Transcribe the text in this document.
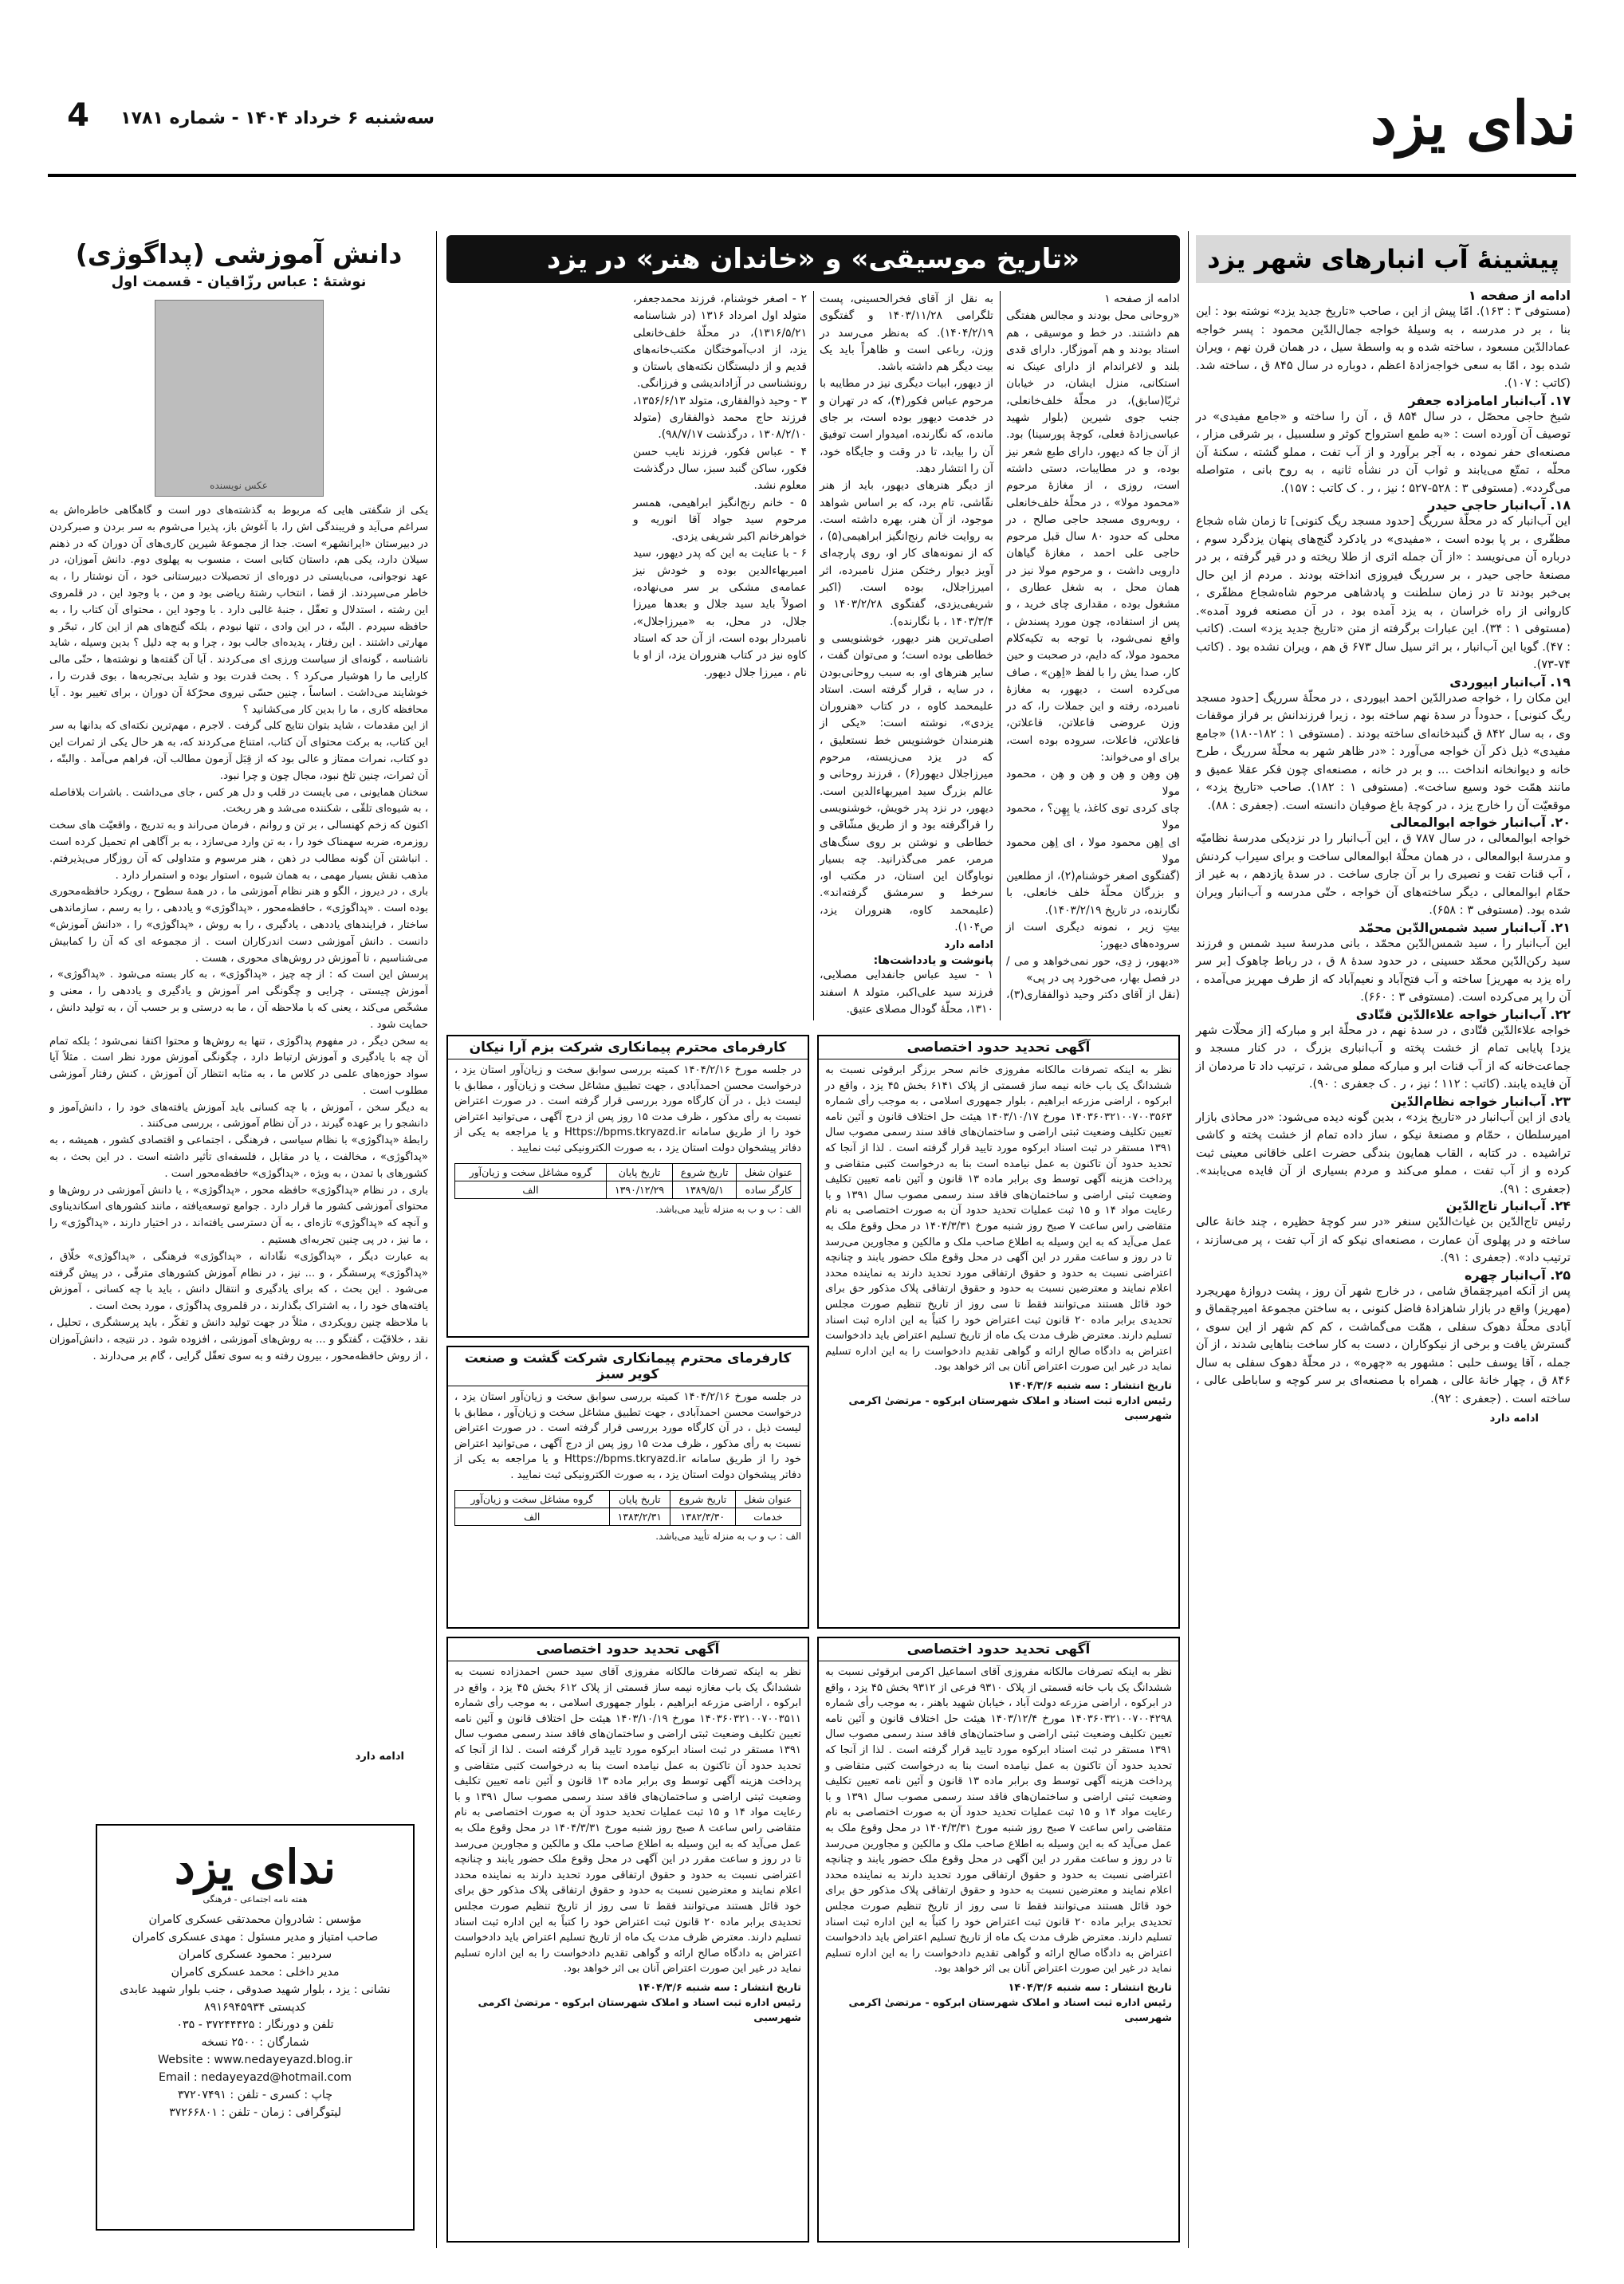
ندای یزد
4	سه‌شنبه ۶ خرداد ۱۴۰۴ - شماره ۱۷۸۱
پیشینهٔ آب انبارهای شهر یزد
ادامه از صفحه ۱

(مستوفی ۳ : ۱۶۳). امّا پیش از این ، صاحب «تاریخ جدید یزد» نوشته بود : این بنا ، بر در مدرسه ، به وسیلهٔ خواجه جمال‌الدّین محمود : پسر خواجه عمادالدّین مسعود ، ساخته شده و به واسطهٔ سیل ، در همان قرن نهم ، ویران شده بود ، امّا به سعی خواجه‌زادهٔ اعظم ، دوباره در سال ۸۴۵ ق ، ساخته شد. (کاتب : ۱۰۷).

۱۷. آب‌انبار امامزاده جعفر

شیخ حاجی محصّل ، در سال ۸۵۴ ق ، آن را ساخته و «جامع مفیدی» در توصیف آن آورده است : «به طمع استرواح کوثر و سلسبیل ، بر شرقی مزار ، مصنعه‌ای حفر نموده ، به آجر برآورد و از آب تفت ، مملو گشته ، سکنهٔ آن محلّه ، تمتّع می‌یابند و ثواب آن در نشأه ثانیه ، به روح بانی ، متواصله می‌گردد». (مستوفی ۳ : ۵۲۸-۵۲۷ ؛ نیز ، ر . ک کاتب : ۱۵۷).

۱۸. آب‌انبار حاجی حیدر

این آب‌انبار که در محلّهٔ سرریگ [حدود مسجد ریگ کنونی] تا زمان شاه شجاع مظفّری ، بر پا بوده است ، «مفیدی» در یادکرد گنج‌های پنهان یزدگرد سوم ، درباره آن می‌نویسد : «از آن جمله اثری از طلا ریخته و در قیر گرفته ، بر در مصنعهٔ حاجی حیدر ، بر سرریگ فیروزی انداخته بودند . مردم از این حال بی‌خبر بودند تا در زمان سلطنت و پادشاهی مرحوم شاه‌شجاع مظفّری ، کاروانی از راه خراسان ، به یزد آمده بود ، در آن مصنعه فرود آمده». (مستوفی ۱ : ۳۴). این عبارات برگرفته از متن «تاریخ جدید یزد» است. (کاتب : ۴۷). گویا این آب‌انبار ، بر اثر سیل سال ۶۷۳ ق هم ، ویران نشده بود . (کاتب ۷۴-۷۳).

۱۹. آب‌انبار ابیوردی

این مکان را ، خواجه صدرالدّین احمد ابیوردی ، در محلّهٔ سرریگ [حدود مسجد ریگ کنونی] ، حدوداً در سدهٔ نهم ساخته بود ، زیرا فرزندانش بر فراز موقفات وی ، به سال ۸۴۲ ق گنبدخانه‌ای ساخته بودند . (مستوفی ۱ : ۱۸۲-۱۸۰) «جامع مفیدی» ذیل ذکر آن خواجه می‌آورد : «در ظاهر شهر به محلّهٔ سرریگ ، طرح خانه و دیوانخانه انداخت ... و بر در خانه ، مصنعه‌ای چون فکر عقلا عمیق و مانند همّت خود وسیع ساخت». (مستوفی ۱ : ۱۸۲). صاحب «تاریخ یزد» ، موقعیّت آن را خارج یزد ، در کوچهٔ باغ صوفیان دانسته است. (جعفری : ۸۸).

۲۰. آب‌انبار خواجه ابوالمعالی

خواجه ابوالمعالی ، در سال ۷۸۷ ق ، این آب‌انبار را در نزدیکی مدرسهٔ نظامیّه و مدرسهٔ ابوالمعالی ، در همان محلّهٔ ابوالمعالی ساخت و برای سیراب کردنش ، آب قنات تفت و نصیری را بر آن جاری ساخت . در سدهٔ یازدهم ، به غیر از حمّام ابوالمعالی ، دیگر ساخته‌های آن خواجه ، حتّی مدرسه و آب‌انبار ویران شده بود. (مستوفی ۳ : ۶۵۸).

۲۱. آب‌انبار سید شمس‌الدّین محمّد

این آب‌انبار را ، سید شمس‌الدّین محمّد ، بانی مدرسهٔ سید شمس و فرزند سید رکن‌الدّین محمّد حسینی ، در حدود سدهٔ ۸ ق ، در رباط چاهوک [بر سر راه یزد به مهریز] ساخته و آب فتح‌آباد و نعیم‌آباد که از طرف مهریز می‌آمده ، آن را پر می‌کرده است. (مستوفی ۳ : ۶۶۰).

۲۲. آب‌انبار خواجه علاءالدّین قتّادی

خواجه علاءالدّین قتّادی ، در سدهٔ نهم ، در محلّهٔ ابر و مبارکه [از محلّات شهر یزد] پایابی تمام از خشت پخته و آب‌انباری بزرگ ، در کنار مسجد و جماعت‌خانه که از آب قنات ابر و مبارکه مملو می‌شد ، ترتیب داد تا مردمان از آن فایده یابند. (کاتب : ۱۱۲ ؛ نیز ، ر . ک جعفری : ۹۰).

۲۳. آب‌انبار خواجه نظام‌الدّین

یادی از این آب‌انبار در «تاریخ یزد» ، بدین گونه دیده می‌شود: «در محاذی بازار امیرسلطان ، حمّام و مصنعهٔ نیکو ، ساز داده تمام از خشت پخته و کاشی تراشیده . در کتابه ، القاب همایون بندگی حضرت اعلی خاقانی معینی ثبت کرده و از آب تفت ، مملو می‌کند و مردم بسیاری از آن فایده می‌یابند». (جعفری : ۹۱).

۲۴. آب‌انبار تاج‌الدّین

رئیس تاج‌الدّین بن غیاث‌الدّین سنغر «در سر کوچهٔ حظیره ، چند خانهٔ عالی ساخته و در پهلوی آن عمارت ، مصنعه‌ای نیکو که از آب تفت ، پر می‌سازند ، ترتیب داد». (جعفری : ۹۱).

۲۵. آب‌انبار چهره

پس از آنکه امیرچقماق شامی ، در خارج شهر آن روز ، پشت دروازهٔ مهریجرد (مهریز) واقع در بازار شاهزادهٔ فاضل کنونی ، به ساختن مجموعهٔ امیرچقماق و آبادی محلّهٔ دهوک سفلی ، همّت می‌گماشت ، کم کم شهر از این سوی ، گسترش یافت و برخی از نیکوکاران ، دست به کار ساخت بناهایی شدند ، از آن جمله ، آقا یوسف حلبی : مشهور به «چهره» ، در محلّهٔ دهوک سفلی به سال ۸۴۶ ق ، چهار خانهٔ عالی ، همراه با مصنعه‌ای بر سر کوچه و ساباطی عالی ، ساخته است . (جعفری : ۹۲).

ادامه دارد
«تاریخ موسیقی» و «خاندان هنر» در یزد

ادامه از صفحه ۱
«روحانی محل بودند و مجالس هفتگی هم داشتند. در خط و موسیقی ، هم استاد بودند و هم آموزگار. دارای قدی بلند و لاغراندام از دارای عینک نه استکانی، منزل ایشان، در خیابان ثریّا(سابق)، در محلّهٔ خلف‌خانعلی، جنب جوی شیرین (بلوار شهید عباسی‌زادهٔ فعلی، کوچهٔ پورسینا) بود. از آن جا که دیهور، دارای طبع شعر نیز بوده، و در مطایبات، دستی داشته است، روزی ، از مغازهٔ مرحوم «محمود مولا» ، در محلّهٔ خلف‌خانعلی ، روبه‌روی مسجد حاجی صالح ، در محلی که حدود ۸۰ سال قبل مرحوم حاجی علی احمد ، مغازهٔ گیاهان دارویی داشت ، و مرحوم مولا نیز در همان محل ، به شغل عطاری ، مشغول بوده ، مقداری چای خرید ، و پس از استفاده، چون مورد پسندش ، واقع نمی‌شود، با توجه به تکیه‌کلام محمود مولا، که دایم، در صحبت و حین کار، صدا یش را با لفظ «اِهِن» ، صاف می‌کرده است ، دیهور، به مغازهٔ نامبرده، رفته و این جملات را، که در وزن عروضی فاعلاتن، فاعلاتن، فاعلاتن، فاعلات، سروده بوده است، برای او می‌خواند:
هِن وهِن و هِن و هِن و هِن ، محمود مولا
چای کردی توی کاغذ، یا پِهِن؟ ، محمود مولا
ای اِهِن محمود مولا ، ای اِهِن محمود مولا
(گفتگوی اصغر خوشنام(۲)، از مطلعین و بزرگان محلّهٔ خلف خانعلی، با نگارنده، در تاریخ ۱۴۰۳/۲/۱۹).
بیتِ زیر ، نمونه دیگری است از سروده‌های دیهور:
«دیهور، ز دِی، حور نمی‌خواهد و می / در فصل بهار، می‌خورد پی در پی»
(نقل از آقای دکتر وحید ذوالفقاری(۳)، به نقل از آقای فخرالحسینی، پست تلگرامی ۱۴۰۳/۱۱/۲۸ و گفتگوی ۱۴۰۴/۲/۱۹). که به‌نظر می‌رسد در وزن، رباعی است و ظاهراً باید یک بیت دیگر هم داشته باشد.
از دیهور، ابیات دیگری نیز در مطایبه با مرحوم عباس فکور(۴)، که در تهران و در خدمت دیهور بوده است، بر جای مانده، که نگارنده، امیدوار است توفیق آن را بیابد، تا در وقت و جایگاه خود، آن را انتشار دهد.
از دیگر هنرهای دیهور، باید از هنر نقّاشی، تام برد، که بر اساس شواهد موجود، از آن هنر، بهره داشته است. به روایت خانم رنج‌انگیز ابراهیمی(۵) ، که از نمونه‌های کار او، روی پارچه‌ای آویز دیوار رختکن منزل نامبرده، اثر امیرزاجلال، بوده است. (اکبر شریفی‌یزدی، گفتگوی ۱۴۰۳/۲/۲۸ و ۱۴۰۳/۳/۴ ، با نگارنده).
اصلی‌ترین هنر دیهور، خوشنویسی و خطاطی بوده است؛ و می‌توان گفت ، سایر هنرهای او، به سبب روحانی‌بودن ، در سایه ، قرار گرفته است. استاد علیمحمد کاوه ، در کتاب «هنروران یزدی»، نوشته است: «یکی از هنرمندان خوشنویس خط نستعلیق ، که در یزد می‌زیسته، مرحوم میرزاجلال دیهور(۶) ، فرزند روحانی و عالم بزرگ سید امیربهاءالدین است. دیهور، در نزد پدر خویش، خوشنویسی را فراگرفته بود و از طریق مشّاقی و خطاطی و نوشتن بر روی سنگ‌های مرمر، عمر می‌گذرانید. چه بسیار نوباوگان این استان، در مکتب او، سرخط و سرمشق گرفته‌اند». (علیمحمد کاوه، هنروران یزد، ص۱۰۴).

ادامه دارد
پانوشت و یادداشت‌ها:

۱ - سید عباس جانفدایی مصلایی، فرزند سید علی‌اکبر، متولد ۸ اسفند ۱۳۱۰، محلّهٔ گودال مصلای عتیق.
۲ - اصغر خوشنام، فرزند محمدجعفر، متولد اول امرداد ۱۳۱۶ (در شناسنامه ۱۳۱۶/۵/۲۱)، در محلّهٔ خلف‌خانعلی یزد، از ادب‌آموختگان مکتب‌خانه‌های قدیم و از دلبستگان نکته‌های باستان و رونشناسی در آزاداندیشی و فرزانگی.
۳ - وحید ذوالفقاری، متولد ۱۳۵۶/۶/۱۳، فرزند حاج محمد ذوالفقاری (متولد ۱۳۰۸/۲/۱۰ ، درگذشت ۹۸/۷/۱۷).
۴ - عباس فکور، فرزند نایب حسن فکور، ساکن گنبد سبز، سال درگذشت معلوم نشد.
۵ - خانم رنج‌انگیز ابراهیمی، همسر مرحوم سید جواد آقا انوریه و خواهرخانم اکبر شریفی یزدی.
۶ - با عنایت به این که پدر دیهور، سید امیربهاءالدین بوده و خودش نیز عمامه‌ی مشکی بر سر می‌نهاده، اصولاً باید سید جلال و بعد‌ها میرزا جلال، در محل، به «میرزاجلال»، نامبردار بوده است، از آن حد که استاد کاوه نیز در کتاب هنروران یزد، از او با نام ، میرزا جلال دیهور.

آگهی تحدید حدود اختصاصی
نظر به اینکه تصرفات مالکانه مفروزی خانم سحر برزگر ابرقوئی نسبت به ششدانگ یک باب خانه نیمه ساز قسمتی از پلاک ۶۱۴۱ بخش ۴۵ یزد ، واقع در ابرکوه ، اراضی مزرعه ابراهیم ، بلوار جمهوری اسلامی ، به موجب رأی شماره ۱۴۰۳۶۰۳۲۱۰۰۷۰۰۳۵۶۳ مورخ ۱۴۰۳/۱۰/۱۷ هیئت حل اختلاف قانون و آئین نامه تعیین تکلیف وضعیت ثبتی اراضی و ساختمان‌های فاقد سند رسمی مصوب سال ۱۳۹۱ مستقر در ثبت اسناد ابرکوه مورد تایید قرار گرفته است . لذا از آنجا که تحدید حدود آن تاکنون به عمل نیامده است بنا به درخواست کتبی متقاضی و پرداخت هزینه آگهی توسط وی برابر ماده ۱۳ قانون و آئین نامه تعیین تکلیف وضعیت ثبتی اراضی و ساختمان‌های فاقد سند رسمی مصوب سال ۱۳۹۱ و با رعایت مواد ۱۴ و ۱۵ ثبت عملیات تحدید حدود آن به صورت اختصاصی به نام متقاضی راس ساعت ۷ صبح روز شنبه مورخ ۱۴۰۴/۳/۳۱ در محل وقوع ملک به عمل می‌آید که به این وسیله به اطلاع صاحب ملک و مالکین و مجاورین می‌رسد تا در روز و ساعت مقرر در این آگهی در محل وقوع ملک حضور یابند و چنانچه اعتراضی نسبت به حدود و حقوق ارتفاقی مورد تحدید دارند به نماینده محدد اعلام نمایند و معترضین نسبت به حدود و حقوق ارتفاقی پلاک مذکور حق برای خود قائل هستند می‌توانند فقط تا سی روز از تاریخ تنظیم صورت مجلس تحدیدی برابر ماده ۲۰ قانون ثبت اعتراض خود را کتباً به این اداره ثبت اسناد تسلیم دارند. معترض ظرف مدت یک ماه از تاریخ تسلیم اعتراض باید دادخواست اعتراض به دادگاه صالح ارائه و گواهی تقدیم دادخواست را به این اداره تسلیم نماید در غیر این صورت اعتراض آنان بی اثر خواهد بود.
تاریخ انتشار : سه شنبه ۱۴۰۴/۳/۶
رئیس اداره ثبت اسناد و املاک شهرستان ابرکوه - مرتضیٰ اکرمی شهرسبی
کارفرمای محترم پیمانکاری شرکت بزم آرا نیکان
در جلسه مورخ ۱۴۰۴/۲/۱۶ کمیته بررسی سوابق سخت و زیان‌آور استان یزد ، درخواست محسن احمدآبادی ، جهت تطبیق مشاغل سخت و زیان‌آور ، مطابق با لیست ذیل ، در آن کارگاه مورد بررسی قرار گرفته است . در صورت اعتراض نسبت به رأی مذکور ، ظرف مدت ۱۵ روز پس از درج آگهی ، می‌توانید اعتراض خود را از طریق سامانه Https://bpms.tkryazd.ir و یا مراجعه به یکی از دفاتر پیشخوان دولت استان یزد ، به صورت الکترونیکی ثبت نمایید .
عنوان شغل	تاریخ شروع	تاریخ پایان	گروه مشاغل سخت و زیان‌آور
کارگر ساده	۱۳۸۹/۵/۱	۱۳۹۰/۱۲/۲۹	الف
الف : ب و ب به منزله تأیید می‌باشد.
کارفرمای محترم پیمانکاری شرکت گشت و صنعت کویر سبز
در جلسه مورخ ۱۴۰۴/۲/۱۶ کمیته بررسی سوابق سخت و زیان‌آور استان یزد ، درخواست محسن احمدآبادی ، جهت تطبیق مشاغل سخت و زیان‌آور ، مطابق با لیست ذیل ، در آن کارگاه مورد بررسی قرار گرفته است . در صورت اعتراض نسبت به رأی مذکور ، ظرف مدت ۱۵ روز پس از درج آگهی ، می‌توانید اعتراض خود را از طریق سامانه Https://bpms.tkryazd.ir و یا مراجعه به یکی از دفاتر پیشخوان دولت استان یزد ، به صورت الکترونیکی ثبت نمایید .
عنوان شغل	تاریخ شروع	تاریخ پایان	گروه مشاغل سخت و زیان‌آور
خدمات	۱۳۸۲/۳/۳۰	۱۳۸۳/۲/۳۱	الف
الف : ب و ب به منزله تأیید می‌باشد.
آگهی تحدید حدود اختصاصی
نظر به اینکه تصرفات مالکانه مفروزی آقای اسماعیل اکرمی ابرقوئی نسبت به ششدانگ یک باب خانه قسمتی از پلاک ۹۳۱۰ فرعی از ۹۳۱۲ بخش ۴۵ یزد ، واقع در ابرکوه ، اراضی مزرعه دولت آباد ، خیابان شهید باهنر ، به موجب رأی شماره ۱۴۰۳۶۰۳۲۱۰۰۷۰۰۴۲۹۸ مورخ ۱۴۰۳/۱۲/۴ هیئت حل اختلاف قانون و آئین نامه تعیین تکلیف وضعیت ثبتی اراضی و ساختمان‌های فاقد سند رسمی مصوب سال ۱۳۹۱ مستقر در ثبت اسناد ابرکوه مورد تایید قرار گرفته است . لذا از آنجا که تحدید حدود آن تاکنون به عمل نیامده است بنا به درخواست کتبی متقاضی و پرداخت هزینه آگهی توسط وی برابر ماده ۱۳ قانون و آئین نامه تعیین تکلیف وضعیت ثبتی اراضی و ساختمان‌های فاقد سند رسمی مصوب سال ۱۳۹۱ و با رعایت مواد ۱۴ و ۱۵ ثبت عملیات تحدید حدود آن به صورت اختصاصی به نام متقاضی راس ساعت ۷ صبح روز شنبه مورخ ۱۴۰۴/۳/۳۱ در محل وقوع ملک به عمل می‌آید که به این وسیله به اطلاع صاحب ملک و مالکین و مجاورین می‌رسد تا در روز و ساعت مقرر در این آگهی در محل وقوع ملک حضور یابند و چنانچه اعتراضی نسبت به حدود و حقوق ارتفاقی مورد تحدید دارند به نماینده محدد اعلام نمایند و معترضین نسبت به حدود و حقوق ارتفاقی پلاک مذکور حق برای خود قائل هستند می‌توانند فقط تا سی روز از تاریخ تنظیم صورت مجلس تحدیدی برابر ماده ۲۰ قانون ثبت اعتراض خود را کتباً به این اداره ثبت اسناد تسلیم دارند. معترض ظرف مدت یک ماه از تاریخ تسلیم اعتراض باید دادخواست اعتراض به دادگاه صالح ارائه و گواهی تقدیم دادخواست را به این اداره تسلیم نماید در غیر این صورت اعتراض آنان بی اثر خواهد بود.
تاریخ انتشار : سه شنبه ۱۴۰۴/۳/۶
رئیس اداره ثبت اسناد و املاک شهرستان ابرکوه - مرتضیٰ اکرمی شهرسبی
آگهی تحدید حدود اختصاصی
نظر به اینکه تصرفات مالکانه مفروزی آقای سید حسن احمدزاده نسبت به ششدانگ یک باب مغازه نیمه ساز قسمتی از پلاک ۶۱۲ بخش ۴۵ یزد ، واقع در ابرکوه ، اراضی مزرعه ابراهیم ، بلوار جمهوری اسلامی ، به موجب رأی شماره ۱۴۰۳۶۰۳۲۱۰۰۷۰۰۳۵۱۱ مورخ ۱۴۰۳/۱۰/۱۹ هیئت حل اختلاف قانون و آئین نامه تعیین تکلیف وضعیت ثبتی اراضی و ساختمان‌های فاقد سند رسمی مصوب سال ۱۳۹۱ مستقر در ثبت اسناد ابرکوه مورد تایید قرار گرفته است . لذا از آنجا که تحدید حدود آن تاکنون به عمل نیامده است بنا به درخواست کتبی متقاضی و پرداخت هزینه آگهی توسط وی برابر ماده ۱۳ قانون و آئین نامه تعیین تکلیف وضعیت ثبتی اراضی و ساختمان‌های فاقد سند رسمی مصوب سال ۱۳۹۱ و با رعایت مواد ۱۴ و ۱۵ ثبت عملیات تحدید حدود آن به صورت اختصاصی به نام متقاضی راس ساعت ۸ صبح روز شنبه مورخ ۱۴۰۴/۳/۳۱ در محل وقوع ملک به عمل می‌آید که به این وسیله به اطلاع صاحب ملک و مالکین و مجاورین می‌رسد تا در روز و ساعت مقرر در این آگهی در محل وقوع ملک حضور یابند و چنانچه اعتراضی نسبت به حدود و حقوق ارتفاقی مورد تحدید دارند به نماینده محدد اعلام نمایند و معترضین نسبت به حدود و حقوق ارتفاقی پلاک مذکور حق برای خود قائل هستند می‌توانند فقط تا سی روز از تاریخ تنظیم صورت مجلس تحدیدی برابر ماده ۲۰ قانون ثبت اعتراض خود را کتباً به این اداره ثبت اسناد تسلیم دارند. معترض ظرف مدت یک ماه از تاریخ تسلیم اعتراض باید دادخواست اعتراض به دادگاه صالح ارائه و گواهی تقدیم دادخواست را به این اداره تسلیم نماید در غیر این صورت اعتراض آنان بی اثر خواهد بود.
تاریخ انتشار : سه شنبه ۱۴۰۴/۳/۶
رئیس اداره ثبت اسناد و املاک شهرستان ابرکوه - مرتضیٰ اکرمی شهرسبی
دانش آموزشی (پداگوژی)
نوشتهٔ : عباس رزّاقیان - قسمت اول
عکس نویسنده

یکی از شگفتی هایی که مربوط به گذشته‌های دور است و گاهگاهی خاطره‌اش به سراغم می‌آید و فریبندگی اش را، با آغوش باز، پذیرا می‌شوم به سر بردن و صبرکردن در دبیرستان «ایرانشهر» است. جدا از مجموعهٔ شیرین کاری‌های آن دوران که در ذهنم سیلان دارد، یکی هم، داستان کتابی است ، منسوب به پهلوی دوم. دانش آموزان، در عهد نوجوانی، می‌بایستی در دوره‌ای از تحصیلات دبیرستانی خود ، آن نوشتار را ، به خاطر می‌سپردند. از قضا ، انتخاب رشتهٔ ریاضی بود و من ، با وجود این ، در قلمروی این رشته ، استدلال و تعقّل ، جنبهٔ غالبی دارد . با وجود این ، محتوای آن کتاب را ، به حافظه سپردم . البتّه ، در این وادی ، تنها نبودم ، بلکه گنج‌های هم از این کار ، تبحّر و مهارتی داشتند . این رفتار ، پدیده‌ای جالب بود ، چرا و به چه دلیل ؟ بدین وسیله ، شاید ناشناسه ، گونه‌ای از سیاست ورزی ‌ای می‌کردند . آیا آن گفته‌ها و نوشته‌ها ، حتّی مالی کارایی ما را هوشیار می‌کرد ؟ . بحث قدرت بود و شاید بی‌تجربه‌ها ، بوی قدرت را ، خوشایند می‌داشت . اساساً ، چنین حسّی نیروی محرّکهٔ آن دوران ، برای تغییر بود . آیا محافظه کاری ، ما را بدین کار می‌کشانید ؟
از این مقدمات ، شاید بتوان نتایج کلی گرفت . لاجرم ، مهم‌ترین نکته‌ای که بدانها به سر این کتاب، به برکت محتوای آن کتاب، امتناع می‌کردند که، به هر حال یکی از ثمرات این دو کتاب، نمرات ممتاز و عالی بود که از قِبَل آزمون مطالب آن، فراهم می‌آمد . والبتّه ، آن ثمرات، چنین تلخ نبود، مجال چون و چرا نبود.
سخنان همایونی ، می بایست در قلب و دل هر کس ، جای می‌داشت . باشرات بلافاصله ، به شیوه‌ای تلقّی ، شکننده می‌شد و هر ربخت.
اکنون که زخم کهنسالی ، بر تن و روانم ، فرمان می‌راند و به تدریج ، واقعیّت های سخت روزمره، ضربه سهمناک خود را ، به تن وارد می‌سازد ، به بر آگاهی ام تحمیل کرده است . انباشتن آن گونه مطالب در ذهن ، هنر مرسوم و متداولی که آن روزگار می‌پذیرفتم. مذهب نقش بسیار مهمی ، به همان شیوه ، استوار بوده و استمرار دارد .
باری ، در دیروز ، الگو و هنر نظام آموزشی ما ، در همهٔ سطوح ، رویکرد حافظه‌محوری بوده است . «پداگوژی» ، حافظه‌محور ، «پداگوژی» و یاددهی ، را به رسم ، سازماندهی ساختار ، فرایندهای یاددهی ، یادگیری ، را به روش ، «پداگوژی» را ، «دانش آموزش» دانست . دانش آموزشی دست اندرکاران است . از مجموعه ای که آن را کمابیش می‌شناسیم ، تا آموزش در روش‌های محوری ، هست .
پرسش این است که : از چه چیز ، «پداگوژی» ، به کار بسته می‌شود . «پداگوژی» ، آموزش چیستی ، چرایی و چگونگی امر آموزش و یادگیری و یاددهی را ، معنی و مشخّص می‌کند ، یعنی که با ملاحظه آن ، ما به درستی و بر حسب آن ، به تولید دانش ، حمایت شود .
به سخن دیگر ، در مفهوم پداگوژی ، تنها به روش‌ها و محتوا اکتفا نمی‌شود ؛ بلکه تمام آن چه با یادگیری و آموزش ارتباط دارد ، چگونگی آموزش مورد نظر است . مثلاً آیا سواد حوزه‌های علمی در کلاس ما ، به مثابه انتظار آن آموزش ، کنش رفتار آموزشی مطلوب است .
به دیگر سخن ، آموزش ، با چه کسانی باید آموزش یافته‌های خود را ، دانش‌آموز و دانشجو را بر عهده گیرند ، در آن نظام آموزشی ، بررسی می‌کنند .
رابطهٔ «پداگوژی» با نظام سیاسی ، فرهنگی ، اجتماعی و اقتصادی کشور ، همیشه ، به «پداگوژی» ، مخالفت ، یا در مقابل ، فلسفه‌ای تأثیر داشته است . در این بحث ، به کشورهای با تمدن ، به ویژه ، «پداگوژی» حافظه‌محور است .
باری ، در نظام «پداگوژی» حافظه محور ، «پداگوژی» ، یا دانش آموزشی در روش‌ها و محتوای آموزشی کشور ما قرار دارد . جوامع توسعه‌یافته ، مانند کشورهای اسکاندیناوی و آنچه که «پداگوژی» تازه‌ای ، به آن دسترسی یافته‌اند ، در اختیار دارند ، «پداگوژی» را ، ما نیز ، در پی چنین تجربه‌ای هستیم .
به عبارت دیگر ، «پداگوژی» نقّادانه ، «پداگوژی» فرهنگی ، «پداگوژی» خلّاق ، «پداگوژی» پرسشگر ، و ... نیز ، در نظام آموزش کشورهای مترقّی ، در پیش گرفته می‌شود . این بحث ، که برای یادگیری و انتقال دانش ، باید با چه کسانی ، آموزش یافته‌های خود را ، به اشتراک بگذارند ، در قلمروی پداگوژی ، مورد بحث است .
با ملاحظه چنین رویکردی ، مثلاً در جهت تولید دانش و تفکّر ، باید پرسشگری ، تحلیل ، نقد ، خلاقیّت ، گفتگو و ... به روش‌های آموزشی ، افزوده شود . در نتیجه ، دانش‌آموزان ، از روش حافظه‌محور ، بیرون رفته و به سوی تعقّل گرایی ، گام بر می‌دارند .

ادامه دارد
ندای یزد
هفته نامه اجتماعی - فرهنگی
مؤسس : شادروان محمدتقی عسکری کامران
صاحب امتیاز و مدیر مسئول : مهدی عسکری کامران
سردبیر : محمود عسکری کامران
مدیر داخلی : محمد عسکری کامران
نشانی : یزد ، بلوار شهید صدوقی ، جنب بلوار شهید عابدی
کدپستی ۸۹۱۶۹۴۵۹۳۴
تلفن و دورنگار : ۳۷۲۴۴۴۲۵ - ۰۳۵
شمارگان : ۲۵۰۰ نسخه
Website : www.nedayeyazd.blog.ir
Email : nedayeyazd@hotmail.com
چاپ : کسری - تلفن : ۳۷۲۰۷۴۹۱
لیتوگرافی : زمان - تلفن : ۳۷۲۶۶۸۰۱
